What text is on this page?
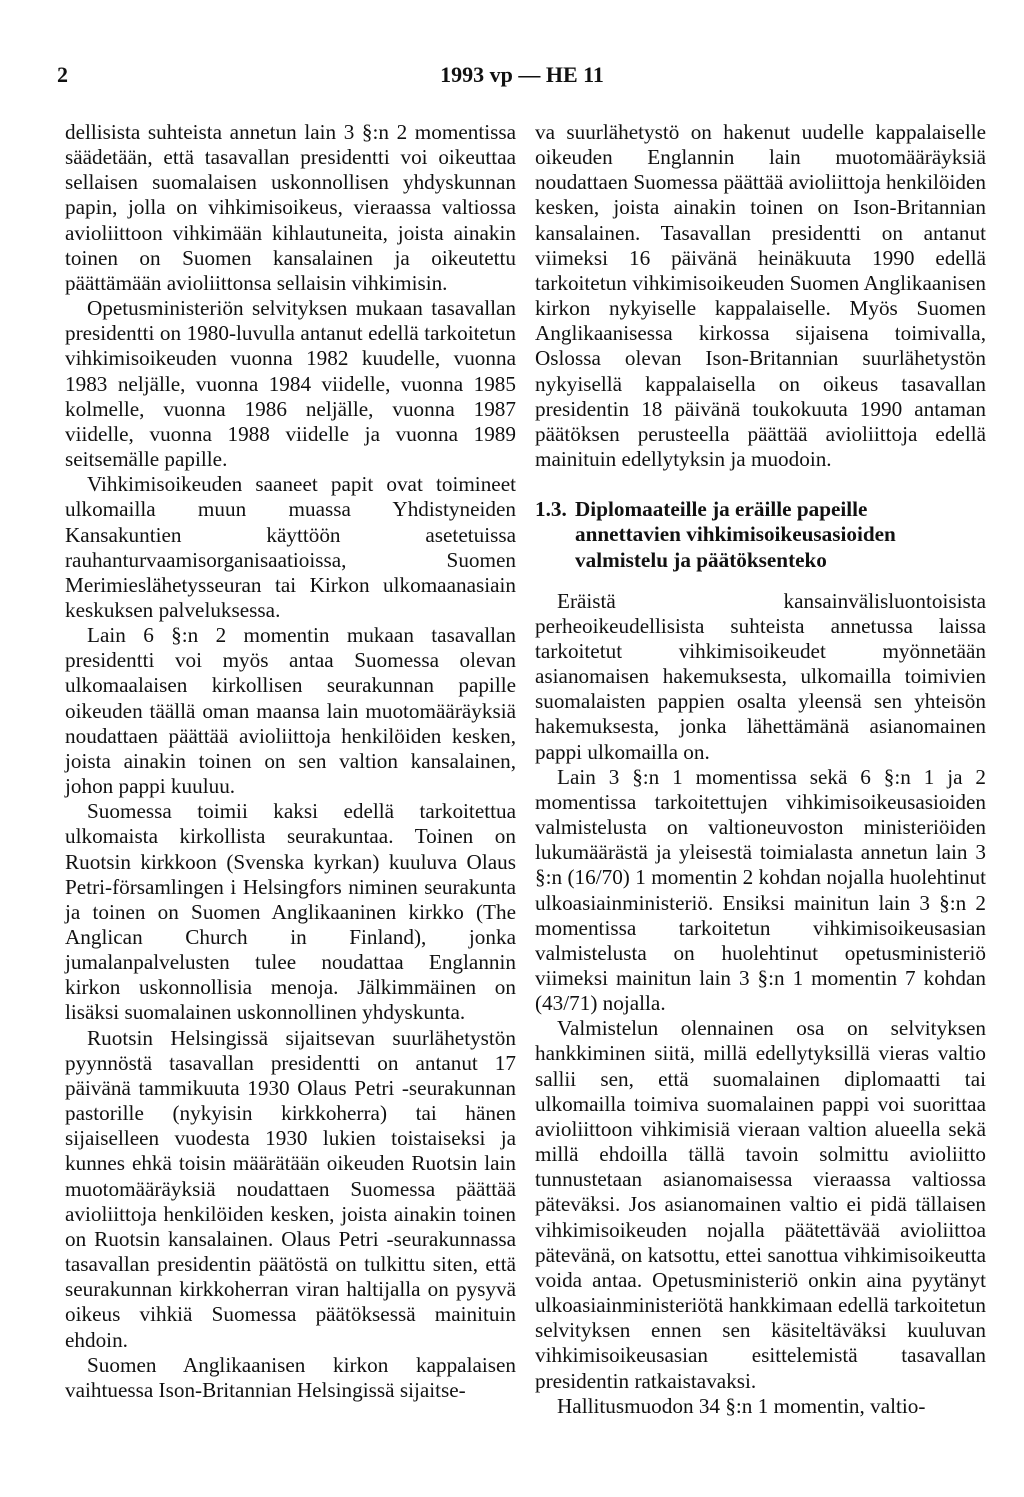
2	1993 vp — HE 11

dellisista suhteista annetun lain 3 §:n 2 momentissa säädetään, että tasavallan presidentti voi oikeuttaa sellaisen suomalaisen uskonnollisen yhdyskunnan papin, jolla on vihkimisoikeus, vieraassa valtiossa avioliittoon vihkimään kihlautuneita, joista ainakin toinen on Suomen kansalainen ja oikeutettu päättämään avioliittonsa sellaisin vihkimisin.

Opetusministeriön selvityksen mukaan tasavallan presidentti on 1980-luvulla antanut edellä tarkoitetun vihkimisoikeuden vuonna 1982 kuudelle, vuonna 1983 neljälle, vuonna 1984 viidelle, vuonna 1985 kolmelle, vuonna 1986 neljälle, vuonna 1987 viidelle, vuonna 1988 viidelle ja vuonna 1989 seitsemälle papille.

Vihkimisoikeuden saaneet papit ovat toimineet ulkomailla muun muassa Yhdistyneiden Kansakuntien käyttöön asetetuissa rauhanturvaamisorganisaatioissa, Suomen Merimieslähetysseuran tai Kirkon ulkomaanasiain keskuksen palveluksessa.

Lain 6 §:n 2 momentin mukaan tasavallan presidentti voi myös antaa Suomessa olevan ulkomaalaisen kirkollisen seurakunnan papille oikeuden täällä oman maansa lain muotomääräyksiä noudattaen päättää avioliittoja henkilöiden kesken, joista ainakin toinen on sen valtion kansalainen, johon pappi kuuluu.

Suomessa toimii kaksi edellä tarkoitettua ulkomaista kirkollista seurakuntaa. Toinen on Ruotsin kirkkoon (Svenska kyrkan) kuuluva Olaus Petri-församlingen i Helsingfors niminen seurakunta ja toinen on Suomen Anglikaaninen kirkko (The Anglican Church in Finland), jonka jumalanpalvelusten tulee noudattaa Englannin kirkon uskonnollisia menoja. Jälkimmäinen on lisäksi suomalainen uskonnollinen yhdyskunta.

Ruotsin Helsingissä sijaitsevan suurlähetystön pyynnöstä tasavallan presidentti on antanut 17 päivänä tammikuuta 1930 Olaus Petri -seurakunnan pastorille (nykyisin kirkkoherra) tai hänen sijaiselleen vuodesta 1930 lukien toistaiseksi ja kunnes ehkä toisin määrätään oikeuden Ruotsin lain muotomääräyksiä noudattaen Suomessa päättää avioliittoja henkilöiden kesken, joista ainakin toinen on Ruotsin kansalainen. Olaus Petri -seurakunnassa tasavallan presidentin päätöstä on tulkittu siten, että seurakunnan kirkkoherran viran haltijalla on pysyvä oikeus vihkiä Suomessa päätöksessä mainituin ehdoin.

Suomen Anglikaanisen kirkon kappalaisen vaihtuessa Ison-Britannian Helsingissä sijaitse-

va suurlähetystö on hakenut uudelle kappalaiselle oikeuden Englannin lain muotomääräyksiä noudattaen Suomessa päättää avioliittoja henkilöiden kesken, joista ainakin toinen on Ison-Britannian kansalainen. Tasavallan presidentti on antanut viimeksi 16 päivänä heinäkuuta 1990 edellä tarkoitetun vihkimisoikeuden Suomen Anglikaanisen kirkon nykyiselle kappalaiselle. Myös Suomen Anglikaanisessa kirkossa sijaisena toimivalla, Oslossa olevan Ison-Britannian suurlähetystön nykyisellä kappalaisella on oikeus tasavallan presidentin 18 päivänä toukokuuta 1990 antaman päätöksen perusteella päättää avioliittoja edellä mainituin edellytyksin ja muodoin.

1.3. Diplomaateille ja eräille papeille annettavien vihkimisoikeusasioiden valmistelu ja päätöksenteko

Eräistä kansainvälisluontoisista perheoikeudellisista suhteista annetussa laissa tarkoitetut vihkimisoikeudet myönnetään asianomaisen hakemuksesta, ulkomailla toimivien suomalaisten pappien osalta yleensä sen yhteisön hakemuksesta, jonka lähettämänä asianomainen pappi ulkomailla on.

Lain 3 §:n 1 momentissa sekä 6 §:n 1 ja 2 momentissa tarkoitettujen vihkimisoikeusasioiden valmistelusta on valtioneuvoston ministeriöiden lukumäärästä ja yleisestä toimialasta annetun lain 3 §:n (16/70) 1 momentin 2 kohdan nojalla huolehtinut ulkoasiainministeriö. Ensiksi mainitun lain 3 §:n 2 momentissa tarkoitetun vihkimisoikeusasian valmistelusta on huolehtinut opetusministeriö viimeksi mainitun lain 3 §:n 1 momentin 7 kohdan (43/71) nojalla.

Valmistelun olennainen osa on selvityksen hankkiminen siitä, millä edellytyksillä vieras valtio sallii sen, että suomalainen diplomaatti tai ulkomailla toimiva suomalainen pappi voi suorittaa avioliittoon vihkimisiä vieraan valtion alueella sekä millä ehdoilla tällä tavoin solmittu avioliitto tunnustetaan asianomaisessa vieraassa valtiossa päteväksi. Jos asianomainen valtio ei pidä tällaisen vihkimisoikeuden nojalla päätettävää avioliittoa pätevänä, on katsottu, ettei sanottua vihkimisoikeutta voida antaa. Opetusministeriö onkin aina pyytänyt ulkoasiainministeriötä hankkimaan edellä tarkoitetun selvityksen ennen sen käsiteltäväksi kuuluvan vihkimisoikeusasian esittelemistä tasavallan presidentin ratkaistavaksi.

Hallitusmuodon 34 §:n 1 momentin, valtio-
